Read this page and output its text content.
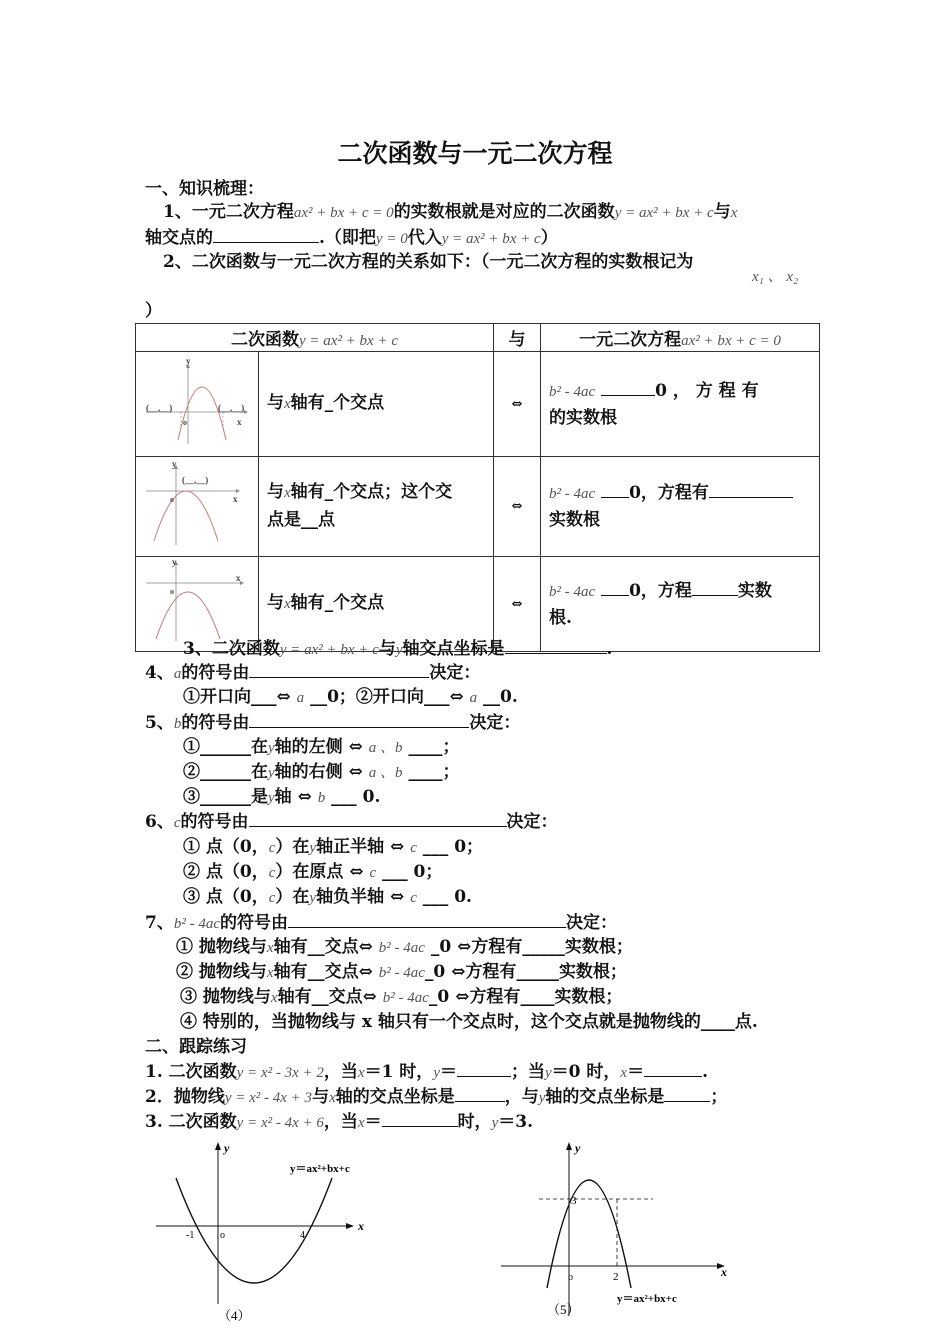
二次函数与一元二次方程
一、知识梳理：
1、一元二次方程ax² + bx + c = 0的实数根就是对应的二次函数y = ax² + bx + c与x
轴交点的	.（即把y = 0代入y = ax² + bx + c）
2、二次函数与一元二次方程的关系如下：（一元二次方程的实数根记为
x₁ 、 x₂
）
二次函数y = ax² + bx + c		与	一元二次方程ax² + bx + c = 0

y
x
o
(__,__) (__,__)	与x轴有_个交点	⇔	b² - 4ac 0 ， 方 程 有
的实数根

y
x
o
(__,__)	与x轴有_个交点；这个交
点是__点	⇔	b² - 4ac 0，方程有
实数根

y
x
o	与x轴有_个交点	⇔	b² - 4ac 0，方程 实数
根.
3、二次函数y = ax² + bx + c与y轴交点坐标是	.
4、a的符号由	决定：
①开口向___⇔ a __0；②开口向___⇔ a __0.
5、b的符号由	决定：
①______在y轴的左侧 ⇔ a 、b ____；
②______在y轴的右侧 ⇔ a 、b ____；
③______是y轴 ⇔ b ___ 0.
6、c的符号由	决定：
① 点（0，c）在y轴正半轴 ⇔ c ___ 0；
② 点（0，c）在原点 ⇔ c ___ 0；
③ 点（0，c）在y轴负半轴 ⇔ c ___ 0.
7、b² - 4ac的符号由	决定：
① 抛物线与x轴有__交点⇔ b² - 4ac _0 ⇔方程有_____实数根；
② 抛物线与x轴有__交点⇔ b² - 4ac_0 ⇔方程有_____实数根；
③ 抛物线与x轴有__交点⇔ b² - 4ac_0 ⇔方程有____实数根；
④ 特别的，当抛物线与 x 轴只有一个交点时，这个交点就是抛物线的____点.
二、跟踪练习
1. 二次函数y = x² - 3x + 2，当x＝1 时，y＝	；当y＝0 时，x＝	.
2．抛物线y = x² - 4x + 3与x轴的交点坐标是	，与y轴的交点坐标是	；
3. 二次函数y = x² - 4x + 6，当x＝	时，y＝3.
x
y
o
-1	4
y＝ax²+bx+c
（4）
x
y
o	2
3
y＝ax²+bx+c
（5）
